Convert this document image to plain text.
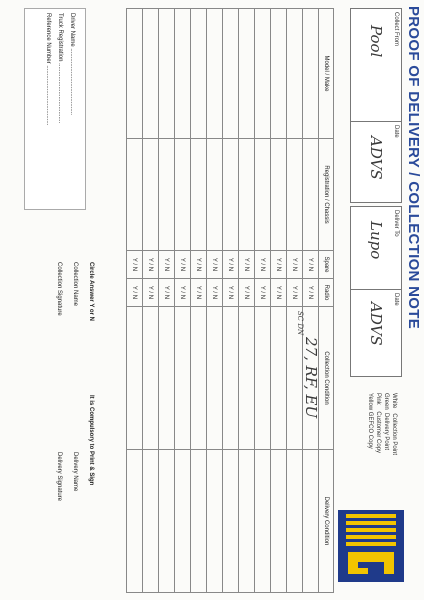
PROOF OF DELIVERY / COLLECTION NOTE
Collect From
Pool
Date
ADVS
Deliver To
Lupo
Date
ADVS
White   Collection Point
Green  Delivery Point
Pink    Customer Copy
Yellow GEFCO Copy
Model / Make	Registration / Chassis	Spare	Radio	Collection Condition	Delivery Condition
		Y / N	Y / N	27, RF, EU
SC DN	

		Y / N	Y / N		
		Y / N	Y / N		
		Y / N	Y / N		
		Y / N	Y / N		
		Y / N	Y / N		
		Y / N	Y / N		
		Y / N	Y / N		
		Y / N	Y / N		
		Y / N	Y / N		
		Y / N	Y / N		
		Y / N	Y / N		
Driver Name ........................................
Truck Registration ....................................
Reference Number ....................................
Circle Answer Y or N
Collection Name
Collection Signature
It is Compulsory to Print & Sign
Delivery Name
Delivery Signature
